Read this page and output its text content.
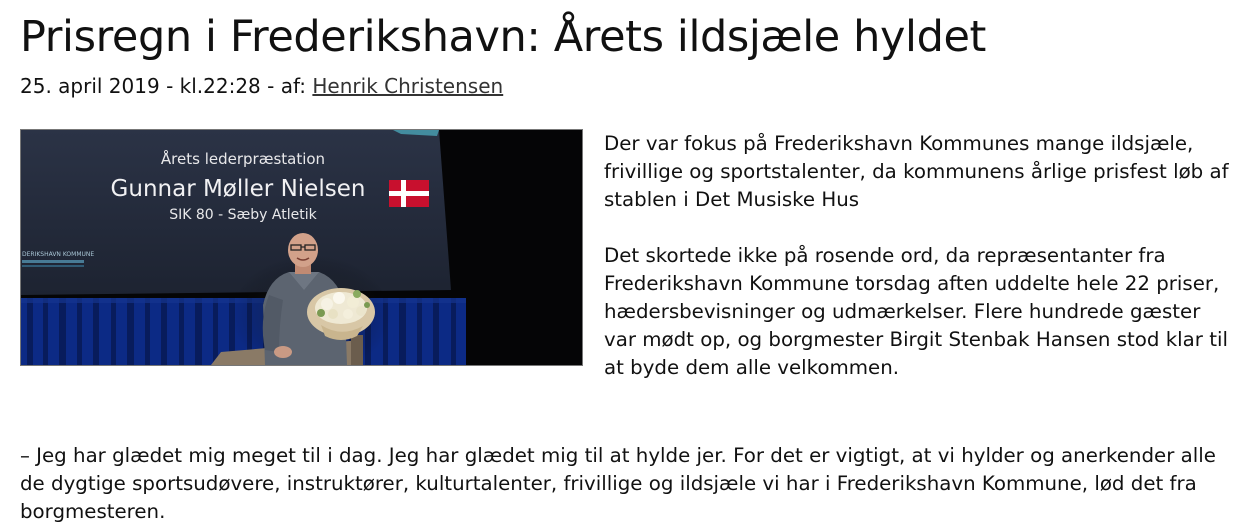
Prisregn i Frederikshavn: Årets ildsjæle hyldet
25. april 2019 - kl.22:28 - af: Henrik Christensen
Årets lederpræstation
Gunnar Møller Nielsen
SIK 80 - Sæby Atletik
DERIKSHAVN KOMMUNE

Der var fokus på Frederikshavn Kommunes mange ildsjæle, frivillige og sportstalenter, da kommunens årlige prisfest løb af stablen i Det Musiske Hus

Det skortede ikke på rosende ord, da repræsentanter fra Frederikshavn Kommune torsdag aften uddelte hele 22 priser, hædersbevisninger og udmærkelser. Flere hundrede gæster var mødt op, og borgmester Birgit Stenbak Hansen stod klar til at byde dem alle velkommen.

– Jeg har glædet mig meget til i dag. Jeg har glædet mig til at hylde jer. For det er vigtigt, at vi hylder og anerkender alle de dygtige sportsudøvere, instruktører, kulturtalenter, frivillige og ildsjæle vi har i Frederikshavn Kommune, lød det fra borgmesteren.
